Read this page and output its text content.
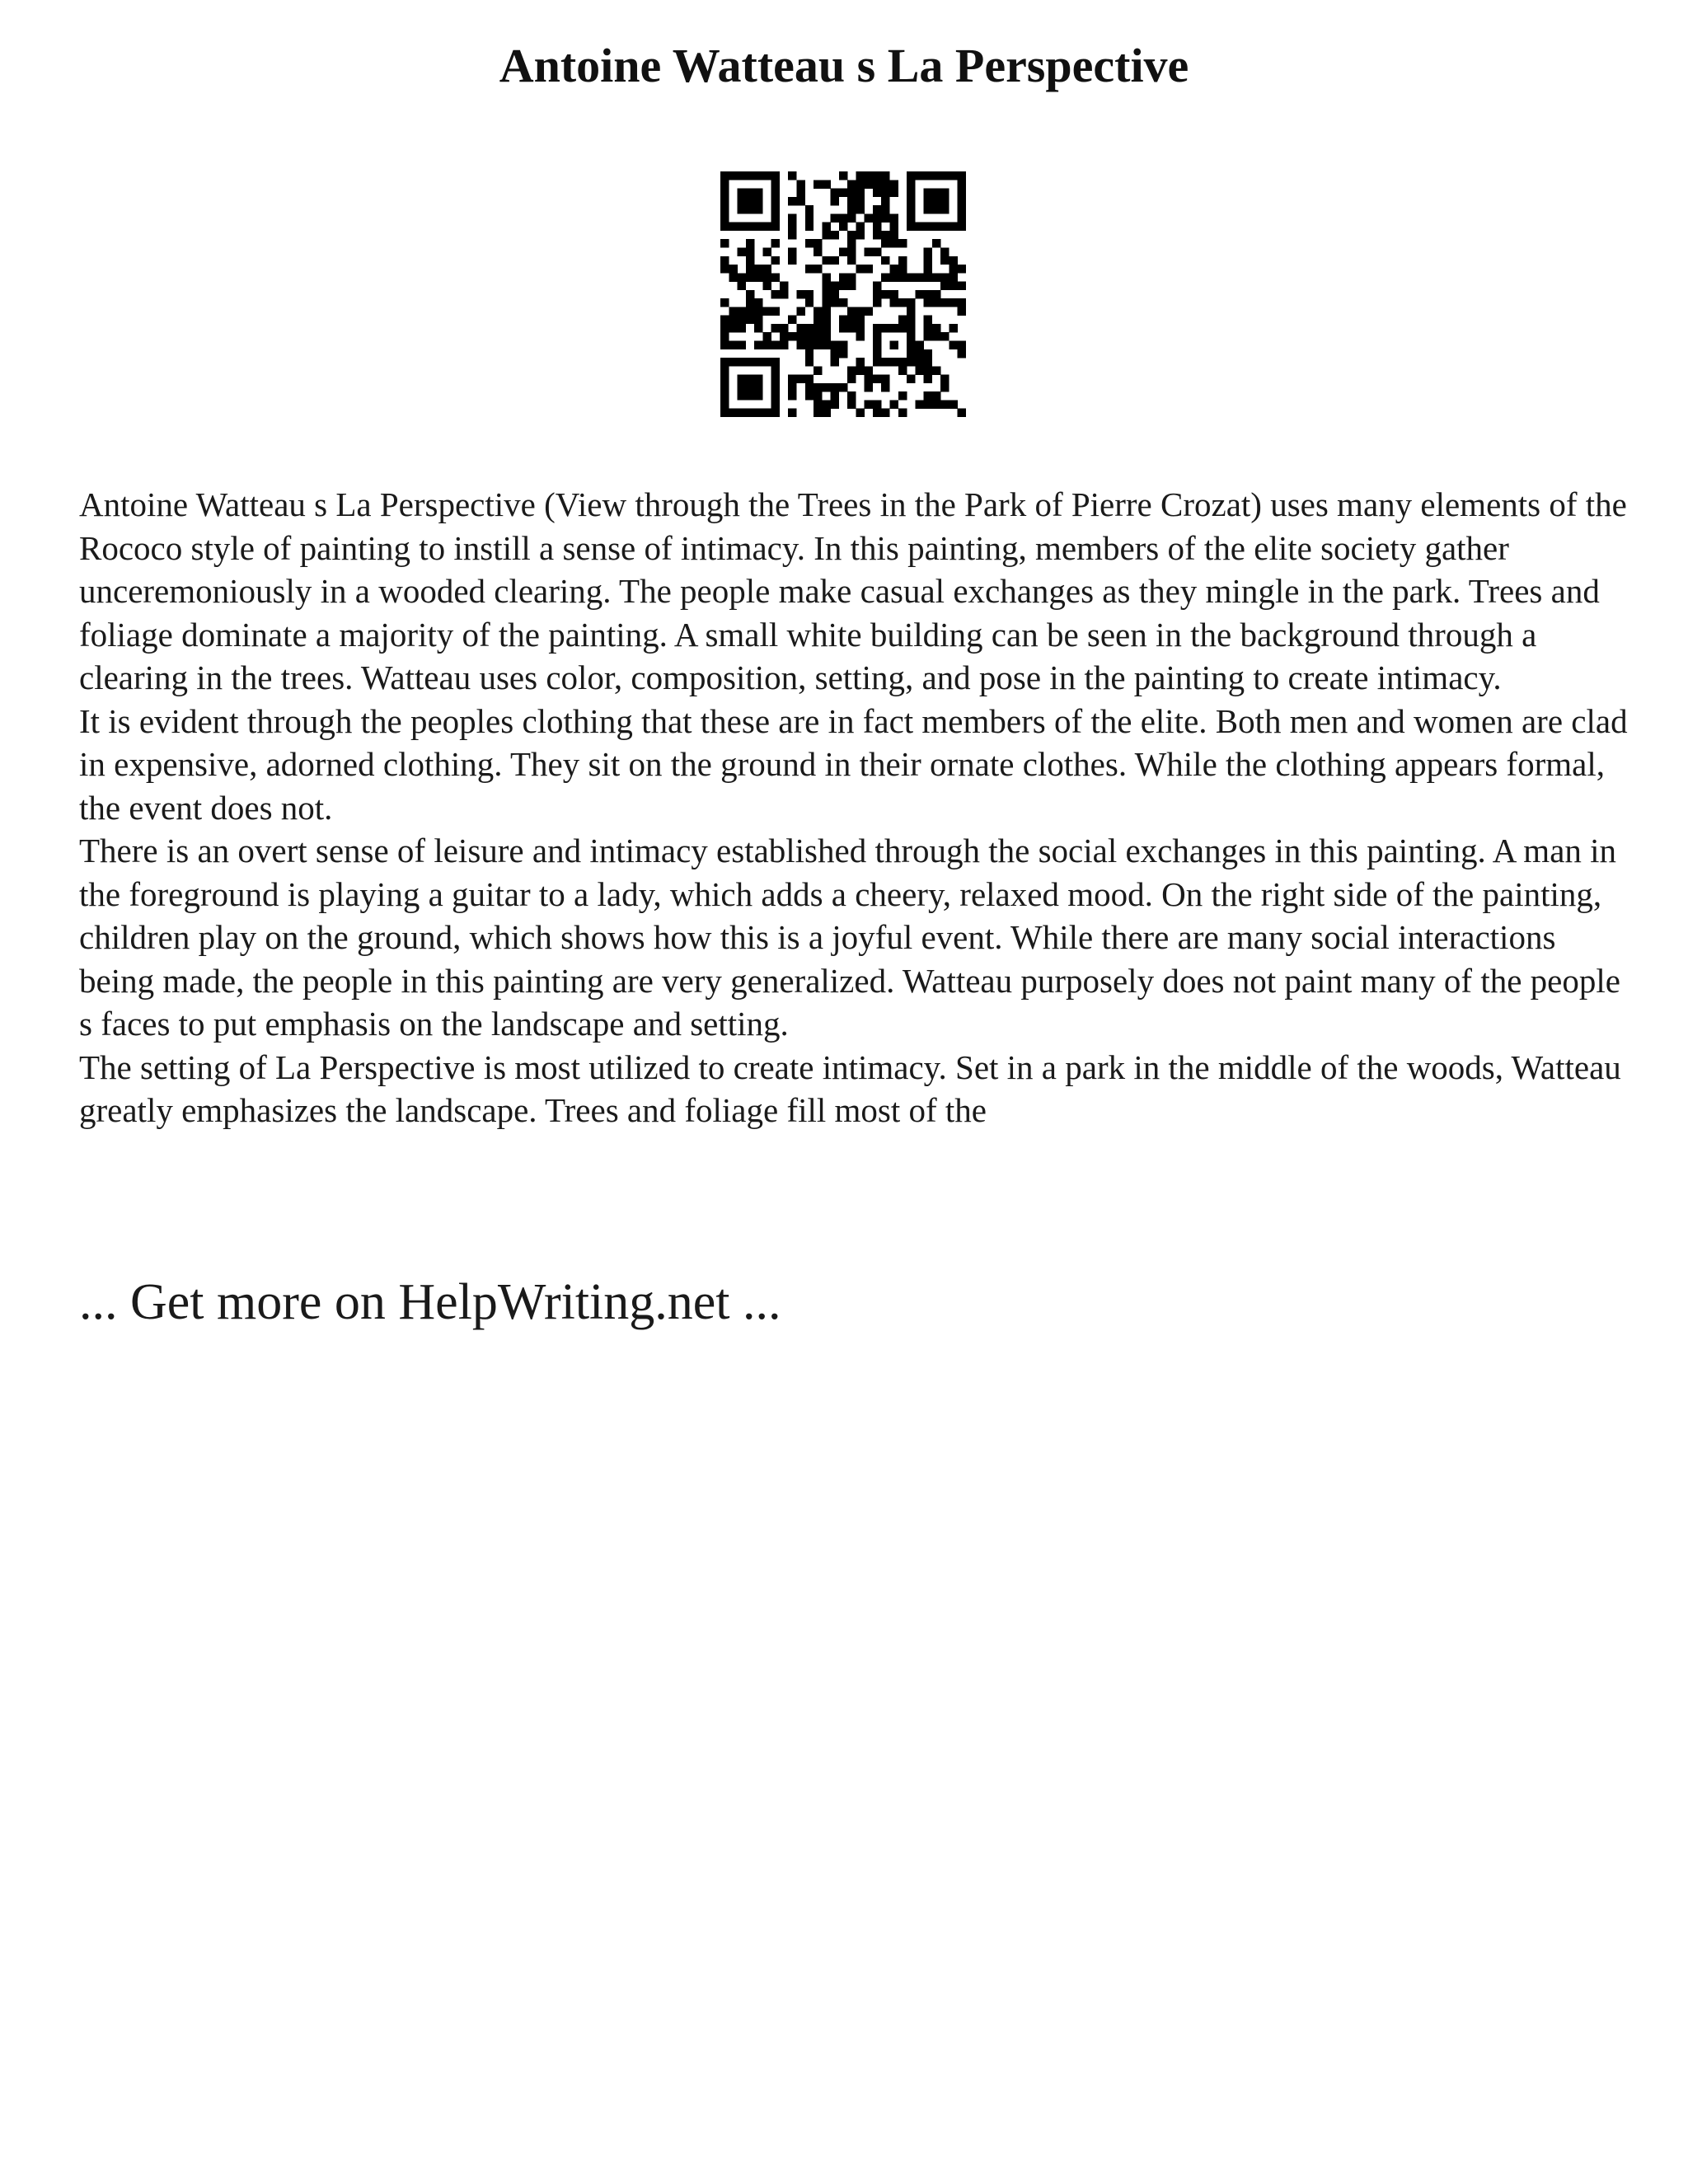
Antoine Watteau s La Perspective

Antoine Watteau s La Perspective (View through the Trees in the Park of Pierre Crozat) uses many elements of the Rococo style of painting to instill a sense of intimacy. In this painting, members of the elite society gather unceremoniously in a wooded clearing. The people make casual exchanges as they mingle in the park. Trees and foliage dominate a majority of the painting. A small white building can be seen in the background through a clearing in the trees. Watteau uses color, composition, setting, and pose in the painting to create intimacy.

It is evident through the peoples clothing that these are in fact members of the elite. Both men and women are clad in expensive, adorned clothing. They sit on the ground in their ornate clothes. While the clothing appears formal, the event does not.

There is an overt sense of leisure and intimacy established through the social exchanges in this painting. A man in the foreground is playing a guitar to a lady, which adds a cheery, relaxed mood. On the right side of the painting, children play on the ground, which shows how this is a joyful event. While there are many social interactions being made, the people in this painting are very generalized. Watteau purposely does not paint many of the people s faces to put emphasis on the landscape and setting.

The setting of La Perspective is most utilized to create intimacy. Set in a park in the middle of the woods, Watteau greatly emphasizes the landscape. Trees and foliage fill most of the

... Get more on HelpWriting.net ...
